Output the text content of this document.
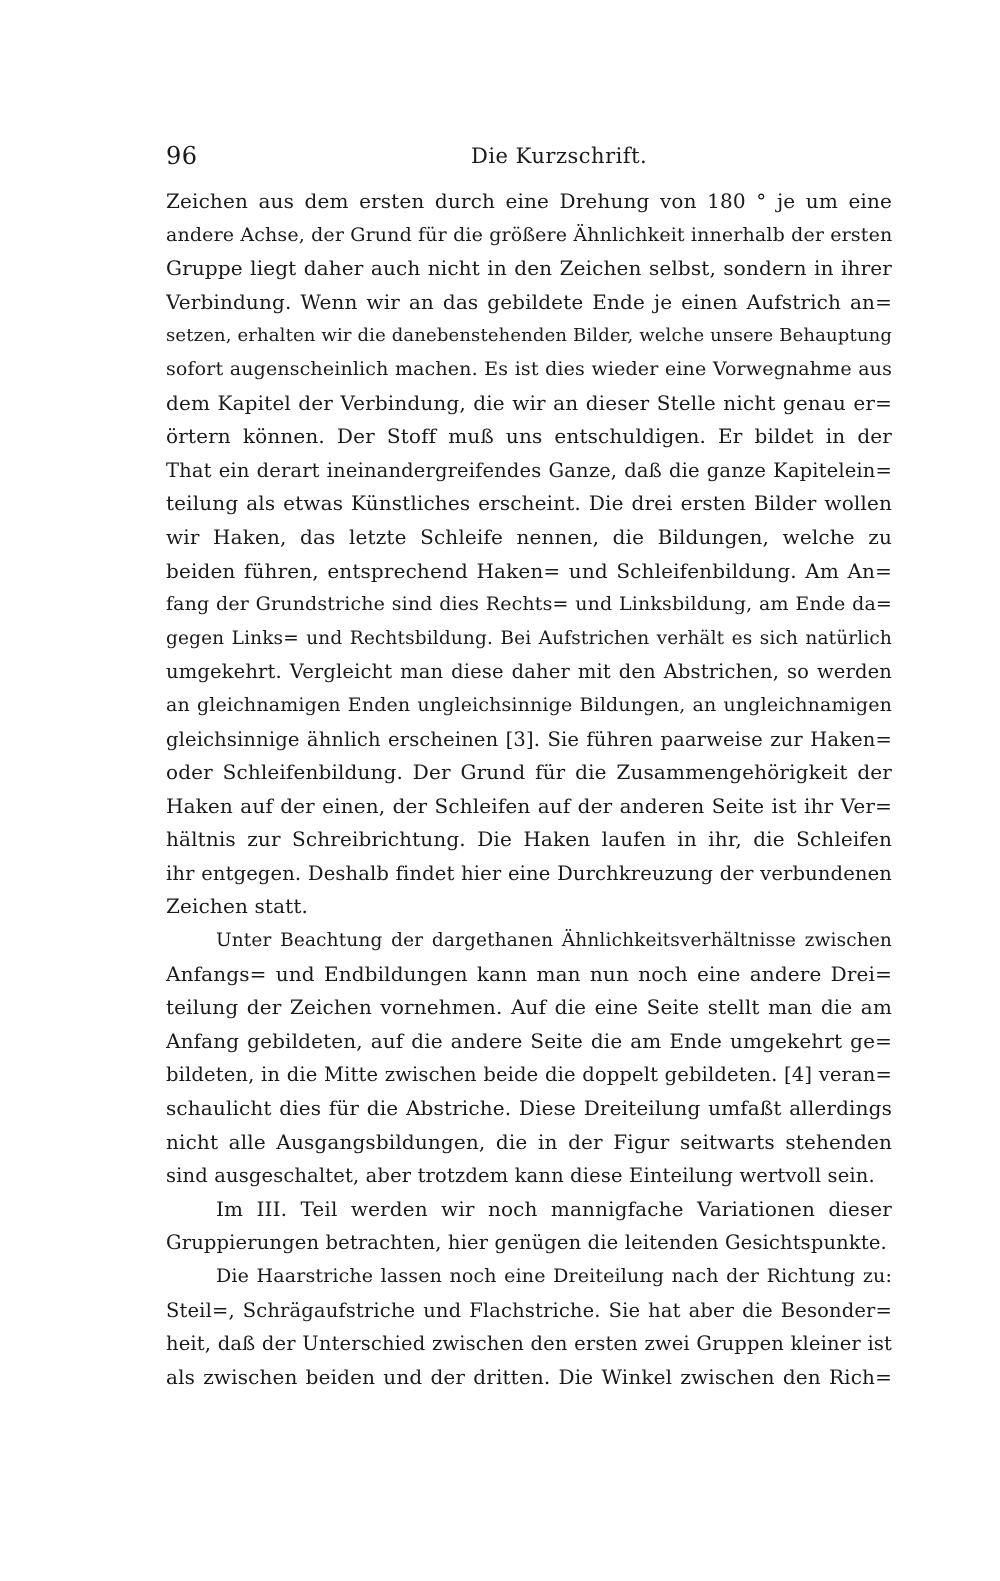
96	Die Kurzschrift.
Zeichen aus dem ersten durch eine Drehung von 180 ° je um eine
andere Achse, der Grund für die größere Ähnlichkeit innerhalb der ersten
Gruppe liegt daher auch nicht in den Zeichen selbst, sondern in ihrer
Verbindung. Wenn wir an das gebildete Ende je einen Aufstrich an=
setzen, erhalten wir die danebenstehenden Bilder, welche unsere Behauptung
sofort augenscheinlich machen. Es ist dies wieder eine Vorwegnahme aus
dem Kapitel der Verbindung, die wir an dieser Stelle nicht genau er=
örtern können. Der Stoff muß uns entschuldigen. Er bildet in der
That ein derart ineinandergreifendes Ganze, daß die ganze Kapitelein=
teilung als etwas Künstliches erscheint. Die drei ersten Bilder wollen
wir Haken, das letzte Schleife nennen, die Bildungen, welche zu
beiden führen, entsprechend Haken= und Schleifenbildung. Am An=
fang der Grundstriche sind dies Rechts= und Linksbildung, am Ende da=
gegen Links= und Rechtsbildung. Bei Aufstrichen verhält es sich natürlich
umgekehrt. Vergleicht man diese daher mit den Abstrichen, so werden
an gleichnamigen Enden ungleichsinnige Bildungen, an ungleichnamigen
gleichsinnige ähnlich erscheinen [3]. Sie führen paarweise zur Haken=
oder Schleifenbildung. Der Grund für die Zusammengehörigkeit der
Haken auf der einen, der Schleifen auf der anderen Seite ist ihr Ver=
hältnis zur Schreibrichtung. Die Haken laufen in ihr, die Schleifen
ihr entgegen. Deshalb findet hier eine Durchkreuzung der verbundenen
Zeichen statt.
Unter Beachtung der dargethanen Ähnlichkeitsverhältnisse zwischen
Anfangs= und Endbildungen kann man nun noch eine andere Drei=
teilung der Zeichen vornehmen. Auf die eine Seite stellt man die am
Anfang gebildeten, auf die andere Seite die am Ende umgekehrt ge=
bildeten, in die Mitte zwischen beide die doppelt gebildeten. [4] veran=
schaulicht dies für die Abstriche. Diese Dreiteilung umfaßt allerdings
nicht alle Ausgangsbildungen, die in der Figur seitwarts stehenden
sind ausgeschaltet, aber trotzdem kann diese Einteilung wertvoll sein.
Im III. Teil werden wir noch mannigfache Variationen dieser
Gruppierungen betrachten, hier genügen die leitenden Gesichtspunkte.
Die Haarstriche lassen noch eine Dreiteilung nach der Richtung zu:
Steil=, Schrägaufstriche und Flachstriche. Sie hat aber die Besonder=
heit, daß der Unterschied zwischen den ersten zwei Gruppen kleiner ist
als zwischen beiden und der dritten. Die Winkel zwischen den Rich=
